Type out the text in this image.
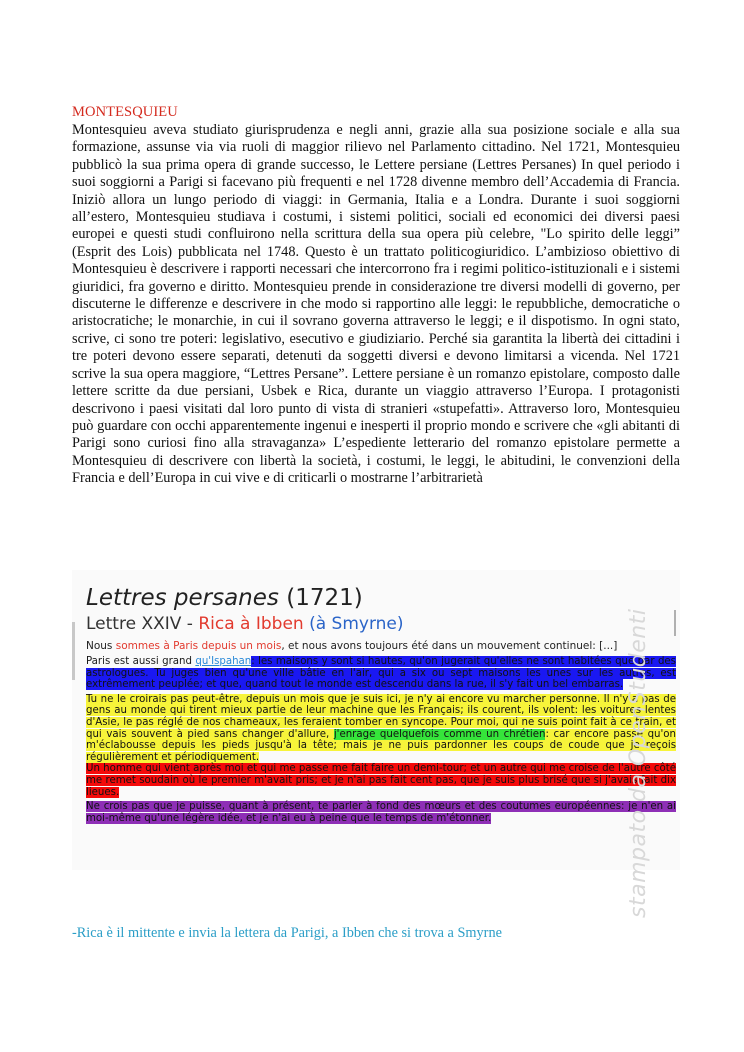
MONTESQUIEU

Montesquieu aveva studiato giurisprudenza e negli anni, grazie alla sua posizione sociale e alla sua formazione, assunse via via ruoli di maggior rilievo nel Parlamento cittadino. Nel 1721, Montesquieu pubblicò la sua prima opera di grande successo, le Lettere persiane (Lettres Persanes) In quel periodo i suoi soggiorni a Parigi si facevano più frequenti e nel 1728 divenne membro dell’Accademia di Francia. Iniziò allora un lungo periodo di viaggi: in Germania, Italia e a Londra. Durante i suoi soggiorni all’estero, Montesquieu studiava i costumi, i sistemi politici, sociali ed economici dei diversi paesi europei e questi studi confluirono nella scrittura della sua opera più celebre, "Lo spirito delle leggi” (Esprit des Lois) pubblicata nel 1748. Questo è un trattato politicogiuridico. L’ambizioso obiettivo di Montesquieu è descrivere i rapporti necessari che intercorrono fra i regimi politico-istituzionali e i sistemi giuridici, fra governo e diritto. Montesquieu prende in considerazione tre diversi modelli di governo, per discuterne le differenze e descrivere in che modo si rapportino alle leggi: le repubbliche, democratiche o aristocratiche; le monarchie, in cui il sovrano governa attraverso le leggi; e il dispotismo. In ogni stato, scrive, ci sono tre poteri: legislativo, esecutivo e giudiziario. Perché sia garantita la libertà dei cittadini i tre poteri devono essere separati, detenuti da soggetti diversi e devono limitarsi a vicenda. Nel 1721 scrive la sua opera maggiore, “Lettres Persane”. Lettere persiane è un romanzo epistolare, composto dalle lettere scritte da due persiani, Usbek e Rica, durante un viaggio attraverso l’Europa. I protagonisti descrivono i paesi visitati dal loro punto di vista di stranieri «stupefatti». Attraverso loro, Montesquieu può guardare con occhi apparentemente ingenui e inesperti il proprio mondo e scrivere che «gli abitanti di Parigi sono curiosi fino alla stravaganza» L’espediente letterario del romanzo epistolare permette a Montesquieu di descrivere con libertà la società, i costumi, le leggi, le abitudini, le convenzioni della Francia e dell’Europa in cui vive e di criticarli o mostrarne l’arbitrarietà

Lettres persanes (1721)
Lettre XXIV - Rica à Ibben (à Smyrne)
Nous sommes à Paris depuis un mois, et nous avons toujours été dans un mouvement continuel: [...]
Paris est aussi grand qu'Ispahan: les maisons y sont si hautes, qu'on jugerait qu'elles ne sont habitées que par des astrologues. Tu juges bien qu'une ville bâtie en l'air, qui a six ou sept maisons les unes sur les autres, est extrêmement peuplée; et que, quand tout le monde est descendu dans la rue, il s'y fait un bel embarras.
Tu ne le croirais pas peut-être, depuis un mois que je suis ici, je n'y ai encore vu marcher personne. Il n'y a pas de gens au monde qui tirent mieux partie de leur machine que les Français; ils courent, ils volent: les voitures lentes d'Asie, le pas réglé de nos chameaux, les feraient tomber en syncope. Pour moi, qui ne suis point fait à ce train, et qui vais souvent à pied sans changer d'allure, j'enrage quelquefois comme un chrétien: car encore passe qu'on m'éclabousse depuis les pieds jusqu'à la tête; mais je ne puis pardonner les coups de coude que je reçois régulièrement et périodiquement.
Un homme qui vient après moi et qui me passe me fait faire un demi-tour; et un autre qui me croise de l'autre côté me remet soudain où le premier m'avait pris; et je n'ai pas fait cent pas, que je suis plus brisé que si j'avais fait dix lieues.
Ne crois pas que je puisse, quant à présent, te parler à fond des mœurs et des coutumes européennes: je n'en ai moi-même qu'une légère idée, et je n'ai eu à peine que le temps de m'étonner.	stampato da OpenStudenti
-Rica è il mittente e invia la lettera da Parigi, a Ibben che si trova a Smyrne
